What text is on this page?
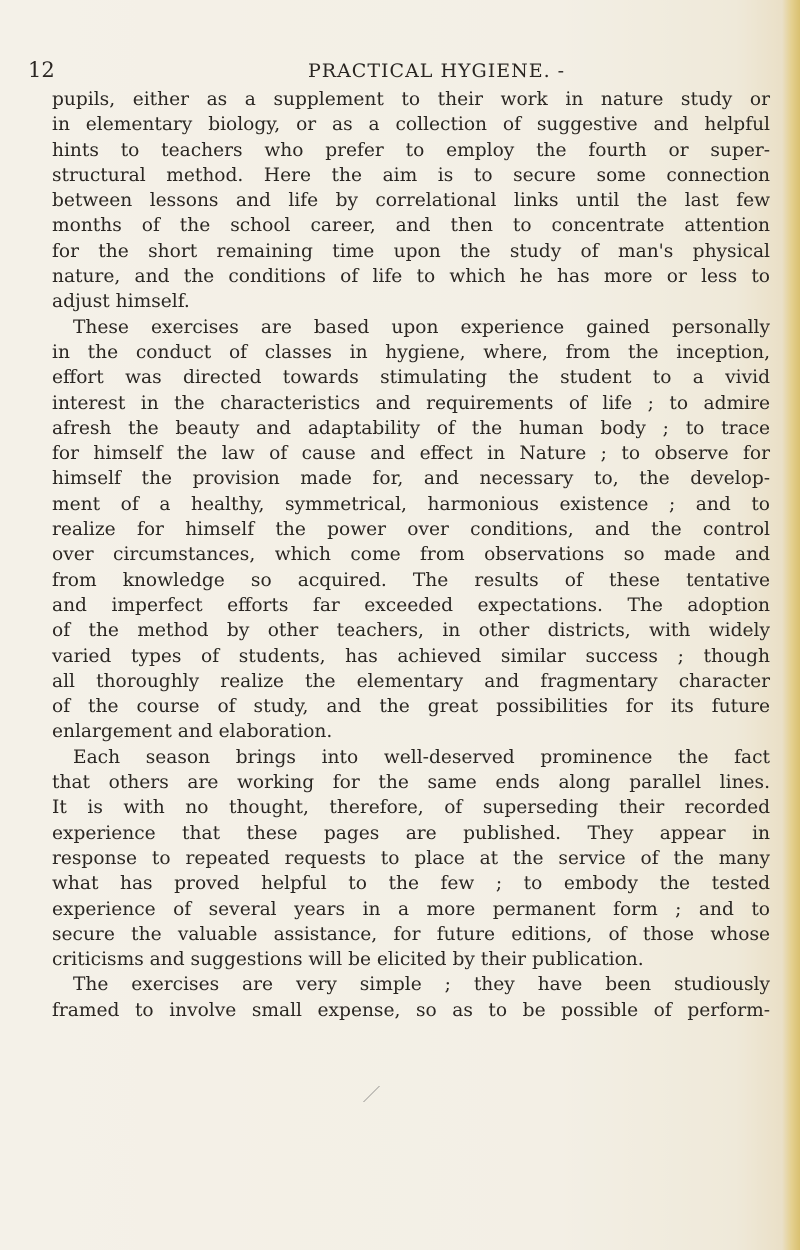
12	PRACTICAL HYGIENE. -
pupils, either as a supplement to their work in nature study or
in elementary biology, or as a collection of suggestive and helpful
hints to teachers who prefer to employ the fourth or super-
structural method. Here the aim is to secure some connection
between lessons and life by correlational links until the last few
months of the school career, and then to concentrate attention
for the short remaining time upon the study of man's physical
nature, and the conditions of life to which he has more or less to
adjust himself.
These exercises are based upon experience gained personally
in the conduct of classes in hygiene, where, from the inception,
effort was directed towards stimulating the student to a vivid
interest in the characteristics and requirements of life ; to admire
afresh the beauty and adaptability of the human body ; to trace
for himself the law of cause and effect in Nature ; to observe for
himself the provision made for, and necessary to, the develop-
ment of a healthy, symmetrical, harmonious existence ; and to
realize for himself the power over conditions, and the control
over circumstances, which come from observations so made and
from knowledge so acquired. The results of these tentative
and imperfect efforts far exceeded expectations. The adoption
of the method by other teachers, in other districts, with widely
varied types of students, has achieved similar success ; though
all thoroughly realize the elementary and fragmentary character
of the course of study, and the great possibilities for its future
enlargement and elaboration.
Each season brings into well-deserved prominence the fact
that others are working for the same ends along parallel lines.
It is with no thought, therefore, of superseding their recorded
experience that these pages are published. They appear in
response to repeated requests to place at the service of the many
what has proved helpful to the few ; to embody the tested
experience of several years in a more permanent form ; and to
secure the valuable assistance, for future editions, of those whose
criticisms and suggestions will be elicited by their publication.
The exercises are very simple ; they have been studiously
framed to involve small expense, so as to be possible of perform-
